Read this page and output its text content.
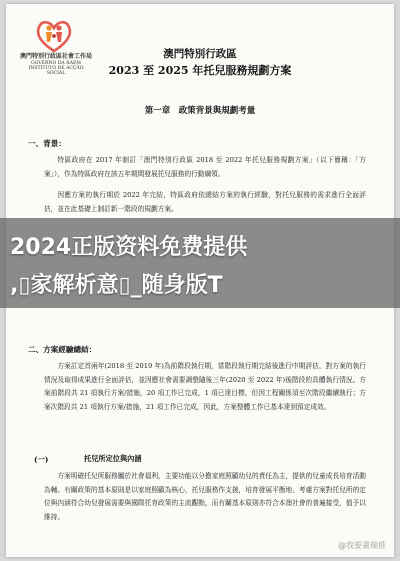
澳門特別行政區社會工作局
GOVERNO DA RAEM INSTITUTO DE ACÇÃO SOCIAL
澳門特別行政區
2023 至 2025 年托兒服務規劃方案
第一章　政策背景與規劃考量
一、背景：

特區政府在 2017 年制訂「澳門特別行政區 2018 至 2022 年托兒服務規劃方案」（以下簡稱：「方案」），作為特區政府在該五年期間發展托兒服務的行動綱領。

因應方案的執行期於 2022 年完結，特區政府依總結方案的執行經驗，對托兒服務的需求進行全面評估，並在此基礎上制訂新一階段的規劃方案。

二、方案經驗總結：

方案訂定首兩年(2018 至 2019 年)為前階段執行期，當階段執行期完結後進行中期評估，對方案的執行情況及取得成果進行全面評估，並因應社會需要調整隨後三年(2020 至 2022 年)後階段的具體執行情況。方案前階段共 21 項執行方案/措施，20 項工作已完成，1 項已達目標，但因工程關係須至次階段繼續執行；方案次階段共 21 項執行方案/措施，21 項工作已完成，因此，方案整體工作已基本達到預定成效。

(一)	托兒所定位與內涵

方案明確托兒所服務屬於社會福利，主要功能以分擔家庭照顧幼兒的責任為主，提供的兒童成長培育活動為輔。有關政策的基本原則是以家庭照顧為核心，托兒服務作支援，培育發展平衡地、考慮方案對托兒所的定位與內涵符合幼兒發展需要與國際托育政策的主流觀點，而有關基本原則亦符合本澳社會的普遍接受，值予以維持。

2024正版资料免费提供
,▯家解析意▯_随身版T
@我要畫瑞推
